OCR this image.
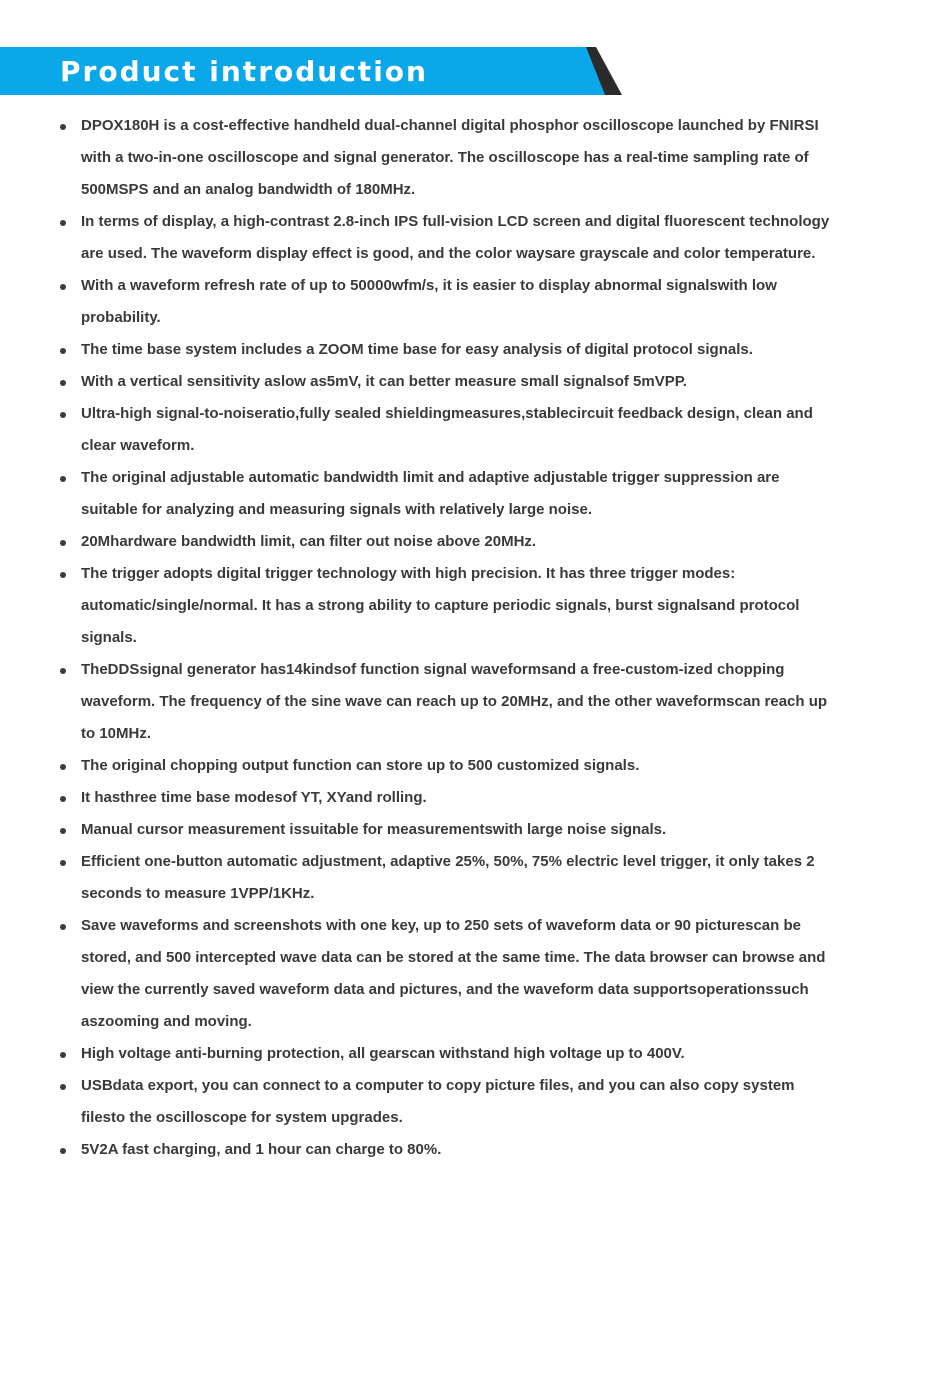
Product introduction
DPOX180H is a cost-effective handheld dual-channel digital phosphor oscilloscope launched by FNIRSI with a two-in-one oscilloscope and signal generator. The oscilloscope has a real-time sampling rate of 500MSPS and an analog bandwidth of 180MHz.
In terms of display, a high-contrast 2.8-inch IPS full-vision LCD screen and digital fluorescent technology are used. The waveform display effect is good, and the color waysare grayscale and color temperature.
With a waveform refresh rate of up to 50000wfm/s, it is easier to display abnormal signalswith low probability.
The time base system includes a ZOOM time base for easy analysis of digital protocol signals.
With a vertical sensitivity aslow as5mV, it can better measure small signalsof 5mVPP.
Ultra-high signal-to-noiseratio,fully sealed shieldingmeasures,stablecircuit feedback design, clean and clear waveform.
The original adjustable automatic bandwidth limit and adaptive adjustable trigger suppression are suitable for analyzing and measuring signals with relatively large noise.
20Mhardware bandwidth limit, can filter out noise above 20MHz.
The trigger adopts digital trigger technology with high precision. It has three trigger modes: automatic/single/normal. It has a strong ability to capture periodic signals, burst signalsand protocol signals.
TheDDSsignal generator has14kindsof function signal waveformsand a free-custom-ized chopping waveform. The frequency of the sine wave can reach up to 20MHz, and the other waveformscan reach up to 10MHz.
The original chopping output function can store up to 500 customized signals.
It hasthree time base modesof YT, XYand rolling.
Manual cursor measurement issuitable for measurementswith large noise signals.
Efficient one-button automatic adjustment, adaptive 25%, 50%, 75% electric level trigger, it only takes 2 seconds to measure 1VPP/1KHz.
Save waveforms and screenshots with one key, up to 250 sets of waveform data or 90 picturescan be stored, and 500 intercepted wave data can be stored at the same time. The data browser can browse and view the currently saved waveform data and pictures, and the waveform data supportsoperationssuch aszooming and moving.
High voltage anti-burning protection, all gearscan withstand high voltage up to 400V.
USBdata export, you can connect to a computer to copy picture files, and you can also copy system filesto the oscilloscope for system upgrades.
5V2A fast charging, and 1 hour can charge to 80%.
